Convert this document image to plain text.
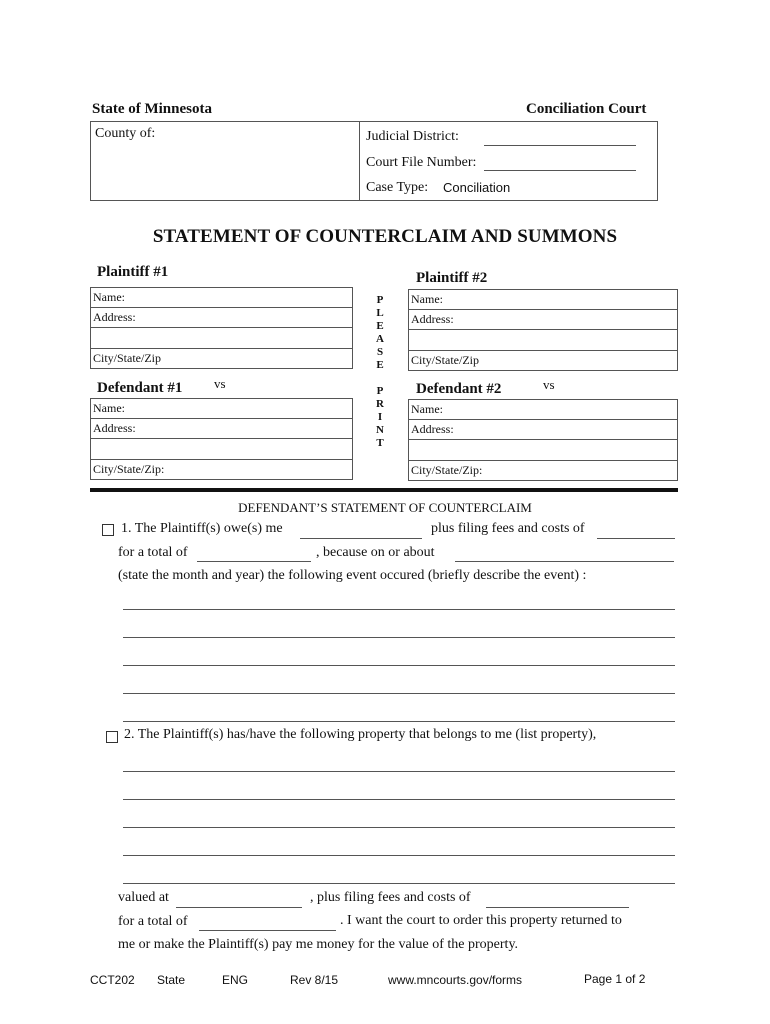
State of Minnesota	Conciliation Court
County of:	Judicial District:
Court File Number:
Case Type: Conciliation
STATEMENT OF COUNTERCLAIM AND SUMMONS
Plaintiff #1
Name:
Address:
City/State/Zip
Plaintiff #2
Name:
Address:
City/State/Zip
P
L
E
A
S
E

P
R
I
N
T
Defendant #1 vs
Name:
Address:
City/State/Zip:
Defendant #2	vs
Name:
Address:
City/State/Zip:
DEFENDANT’S STATEMENT OF COUNTERCLAIM
1. The Plaintiff(s) owe(s) me	plus filing fees and costs of
for a total of	, because on or about
(state the month and year) the following event occured (briefly describe the event) :
2. The Plaintiff(s) has/have the following property that belongs to me (list property),
valued at	, plus filing fees and costs of
for a total of	. I want the court to order this property returned to
me or make the Plaintiff(s) pay me money for the value of the property.
CCT202 State	ENG	Rev 8/15	www.mncourts.gov/forms	Page 1 of 2
